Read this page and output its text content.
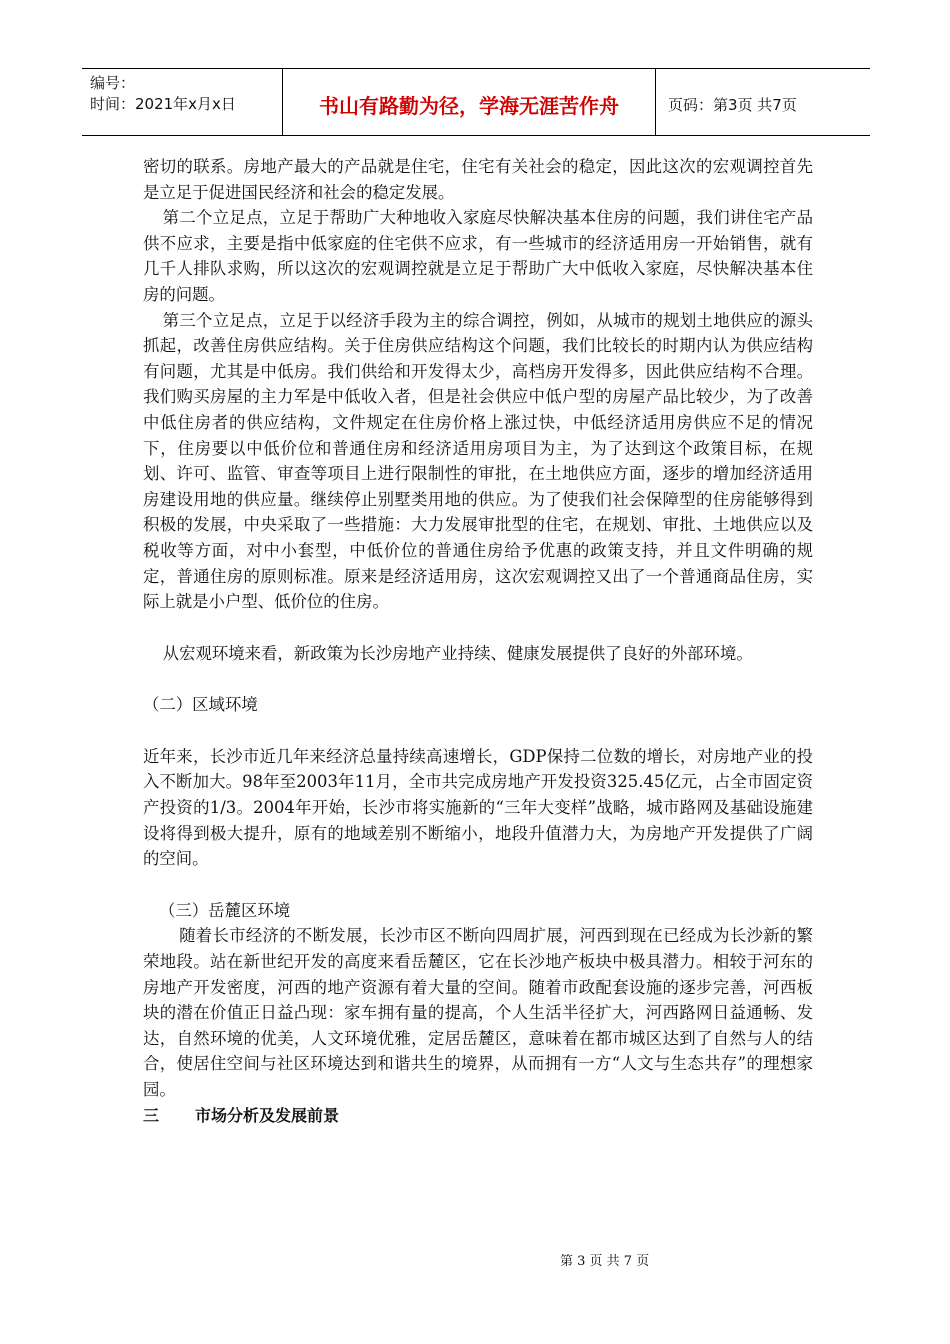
编号：
时间：2021年x月x日	书山有路勤为径，学海无涯苦作舟	页码：第3页 共7页

密切的联系。房地产最大的产品就是住宅，住宅有关社会的稳定，因此这次的宏观调控首先是立足于促进国民经济和社会的稳定发展。

第二个立足点，立足于帮助广大种地收入家庭尽快解决基本住房的问题，我们讲住宅产品供不应求，主要是指中低家庭的住宅供不应求，有一些城市的经济适用房一开始销售，就有几千人排队求购，所以这次的宏观调控就是立足于帮助广大中低收入家庭，尽快解决基本住房的问题。

第三个立足点，立足于以经济手段为主的综合调控，例如，从城市的规划土地供应的源头抓起，改善住房供应结构。关于住房供应结构这个问题，我们比较长的时期内认为供应结构有问题，尤其是中低房。我们供给和开发得太少，高档房开发得多，因此供应结构不合理。我们购买房屋的主力军是中低收入者，但是社会供应中低户型的房屋产品比较少，为了改善中低住房者的供应结构，文件规定在住房价格上涨过快，中低经济适用房供应不足的情况下，住房要以中低价位和普通住房和经济适用房项目为主，为了达到这个政策目标，在规划、许可、监管、审查等项目上进行限制性的审批，在土地供应方面，逐步的增加经济适用房建设用地的供应量。继续停止别墅类用地的供应。为了使我们社会保障型的住房能够得到积极的发展，中央采取了一些措施：大力发展审批型的住宅，在规划、审批、土地供应以及税收等方面，对中小套型，中低价位的普通住房给予优惠的政策支持，并且文件明确的规定，普通住房的原则标准。原来是经济适用房，这次宏观调控又出了一个普通商品住房，实际上就是小户型、低价位的住房。

从宏观环境来看，新政策为长沙房地产业持续、健康发展提供了良好的外部环境。

（二）区域环境

近年来，长沙市近几年来经济总量持续高速增长，GDP保持二位数的增长，对房地产业的投入不断加大。98年至2003年11月，全市共完成房地产开发投资325.45亿元，占全市固定资产投资的1/3。2004年开始，长沙市将实施新的“三年大变样”战略，城市路网及基础设施建设将得到极大提升，原有的地域差别不断缩小，地段升值潜力大，为房地产开发提供了广阔的空间。

（三）岳麓区环境

随着长市经济的不断发展，长沙市区不断向四周扩展，河西到现在已经成为长沙新的繁荣地段。站在新世纪开发的高度来看岳麓区，它在长沙地产板块中极具潜力。相较于河东的房地产开发密度，河西的地产资源有着大量的空间。随着市政配套设施的逐步完善，河西板块的潜在价值正日益凸现：家车拥有量的提高，个人生活半径扩大，河西路网日益通畅、发达，自然环境的优美，人文环境优雅，定居岳麓区，意味着在都市城区达到了自然与人的结合，使居住空间与社区环境达到和谐共生的境界，从而拥有一方“人文与生态共存”的理想家园。

三	市场分析及发展前景
第 3 页 共 7 页
